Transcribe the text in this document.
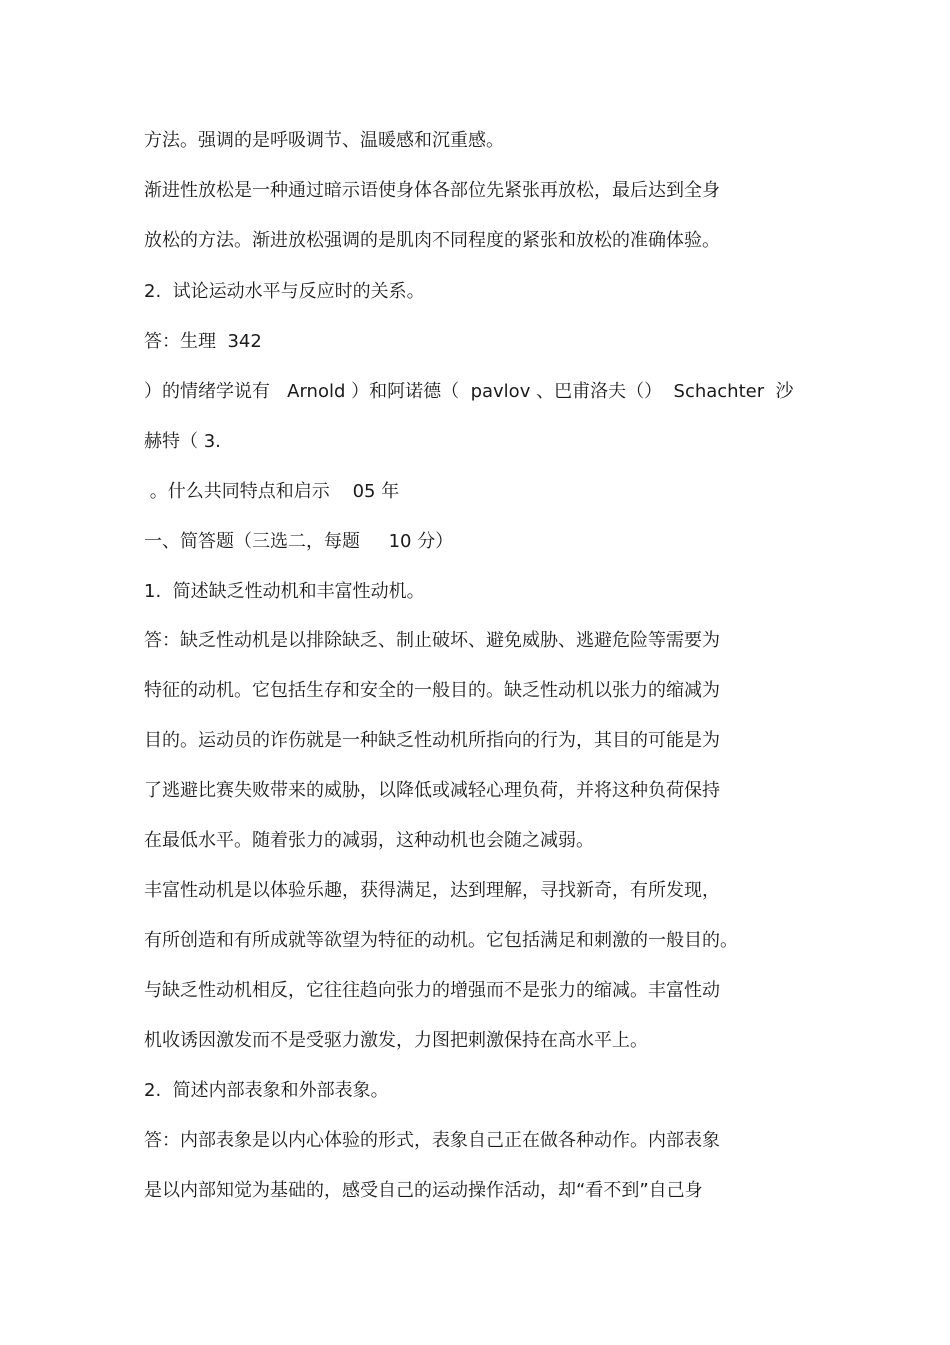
方法。强调的是呼吸调节、温暖感和沉重感。
渐进性放松是一种通过暗示语使身体各部位先紧张再放松，最后达到全身
放松的方法。渐进放松强调的是肌肉不同程度的紧张和放松的准确体验。
2.  试论运动水平与反应时的关系。
答：生理  342
）的情绪学说有   Arnold ）和阿诺德（  pavlov 、巴甫洛夫（）  Schachter  沙
赫特（ 3.
。什么共同特点和启示    05 年
一、简答题（三选二，每题     10 分）
1.  简述缺乏性动机和丰富性动机。
答：缺乏性动机是以排除缺乏、制止破坏、避免威胁、逃避危险等需要为
特征的动机。它包括生存和安全的一般目的。缺乏性动机以张力的缩减为
目的。运动员的诈伤就是一种缺乏性动机所指向的行为，其目的可能是为
了逃避比赛失败带来的威胁，以降低或减轻心理负荷，并将这种负荷保持
在最低水平。随着张力的减弱，这种动机也会随之减弱。
丰富性动机是以体验乐趣，获得满足，达到理解，寻找新奇，有所发现，
有所创造和有所成就等欲望为特征的动机。它包括满足和刺激的一般目的。
与缺乏性动机相反，它往往趋向张力的增强而不是张力的缩减。丰富性动
机收诱因激发而不是受驱力激发，力图把刺激保持在高水平上。
2.  简述内部表象和外部表象。
答：内部表象是以内心体验的形式，表象自己正在做各种动作。内部表象
是以内部知觉为基础的，感受自己的运动操作活动，却“看不到”自己身
